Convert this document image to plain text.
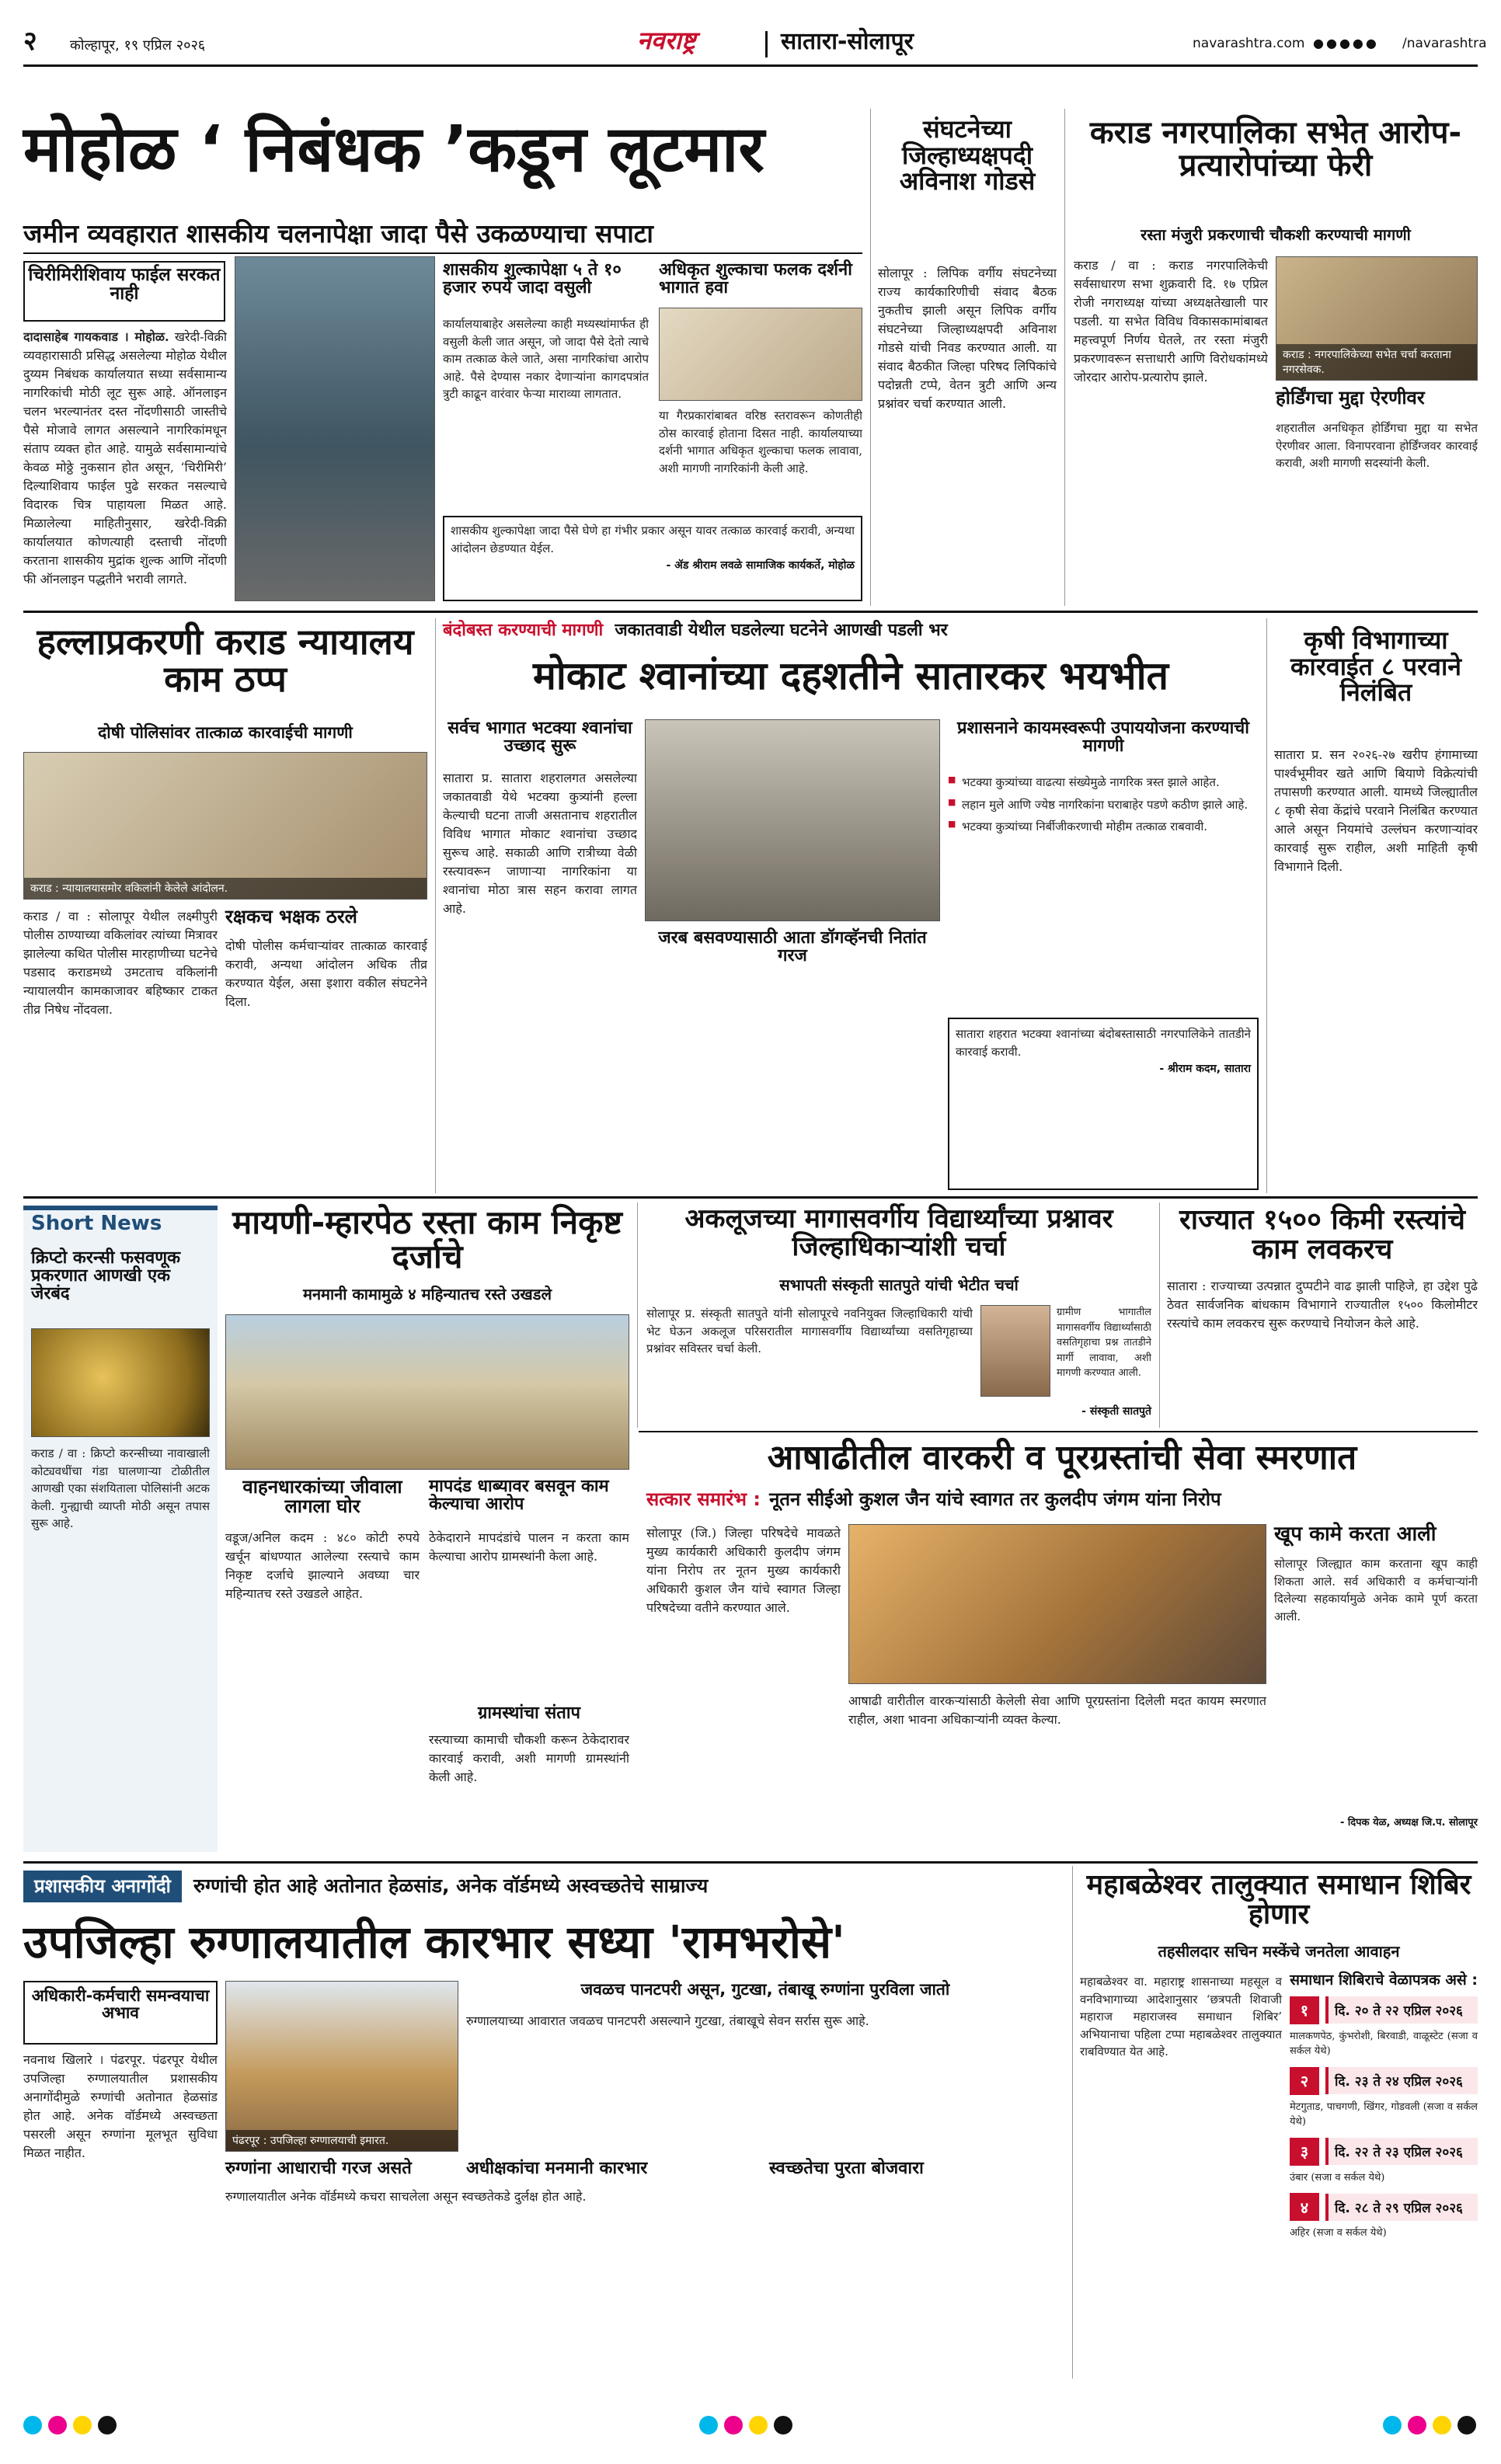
२ कोल्हापूर, १९ एप्रिल २०२६	नवराष्ट्र	सातारा-सोलापूर	navarashtra.com ●●●●● /navarashtra
मोहोळ ‘ निबंधक ’कडून लूटमार
जमीन व्यवहारात शासकीय चलनापेक्षा जादा पैसे उकळण्याचा सपाटा
चिरीमिरीशिवाय फाईल सरकत नाही

दादासाहेब गायकवाड । मोहोळ. खरेदी-विक्री व्यवहारासाठी प्रसिद्ध असलेल्या मोहोळ येथील दुय्यम निबंधक कार्यालयात सध्या सर्वसामान्य नागरिकांची मोठी लूट सुरू आहे. ऑनलाइन चलन भरल्यानंतर दस्त नोंदणीसाठी जास्तीचे पैसे मोजावे लागत असल्याने नागरिकांमधून संताप व्यक्त होत आहे. यामुळे सर्वसामान्यांचे केवळ मोठ्ठे नुकसान होत असून, ‘चिरीमिरी’ दिल्याशिवाय फाईल पुढे सरकत नसल्याचे विदारक चित्र पाहायला मिळत आहे. मिळालेल्या माहितीनुसार, खरेदी-विक्री कार्यालयात कोणत्याही दस्ताची नोंदणी करताना शासकीय मुद्रांक शुल्क आणि नोंदणी फी ऑनलाइन पद्धतीने भरावी लागते.

शासकीय शुल्कापेक्षा ५ ते १० हजार रुपये जादा वसुली
कार्यालयाबाहेर असलेल्या काही मध्यस्थांमार्फत ही वसुली केली जात असून, जो जादा पैसे देतो त्याचे काम तत्काळ केले जाते, असा नागरिकांचा आरोप आहे. पैसे देण्यास नकार देणाऱ्यांना कागदपत्रांत त्रुटी काढून वारंवार फेऱ्या माराव्या लागतात.
अधिकृत शुल्काचा फलक दर्शनी भागात हवा
या गैरप्रकारांबाबत वरिष्ठ स्तरावरून कोणतीही ठोस कारवाई होताना दिसत नाही. कार्यालयाच्या दर्शनी भागात अधिकृत शुल्काचा फलक लावावा, अशी मागणी नागरिकांनी केली आहे.
शासकीय शुल्कापेक्षा जादा पैसे घेणे हा गंभीर प्रकार असून यावर तत्काळ कारवाई करावी, अन्यथा आंदोलन छेडण्यात येईल.
- ॲड श्रीराम लवळे सामाजिक कार्यकर्ते, मोहोळ
संघटनेच्या जिल्हाध्यक्षपदी अविनाश गोडसे
सोलापूर : लिपिक वर्गीय संघटनेच्या राज्य कार्यकारिणीची संवाद बैठक नुकतीच झाली असून लिपिक वर्गीय संघटनेच्या जिल्हाध्यक्षपदी अविनाश गोडसे यांची निवड करण्यात आली. या संवाद बैठकीत जिल्हा परिषद लिपिकांचे पदोन्नती टप्पे, वेतन त्रुटी आणि अन्य प्रश्नांवर चर्चा करण्यात आली.
कराड नगरपालिका सभेत आरोप-प्रत्यारोपांच्या फेरी
रस्ता मंजुरी प्रकरणाची चौकशी करण्याची मागणी
कराड / वा : कराड नगरपालिकेची सर्वसाधारण सभा शुक्रवारी दि. १७ एप्रिल रोजी नगराध्यक्ष यांच्या अध्यक्षतेखाली पार पडली. या सभेत विविध विकासकामांबाबत महत्त्वपूर्ण निर्णय घेतले, तर रस्ता मंजुरी प्रकरणावरून सत्ताधारी आणि विरोधकांमध्ये जोरदार आरोप-प्रत्यारोप झाले.
कराड : नगरपालिकेच्या सभेत चर्चा करताना नगरसेवक.
होर्डिंगचा मुद्दा ऐरणीवर
शहरातील अनधिकृत होर्डिंगचा मुद्दा या सभेत ऐरणीवर आला. विनापरवाना होर्डिंग्जवर कारवाई करावी, अशी मागणी सदस्यांनी केली.
हल्लाप्रकरणी कराड न्यायालय काम ठप्प
दोषी पोलिसांवर तात्काळ कारवाईची मागणी
कराड : न्यायालयासमोर वकिलांनी केलेले आंदोलन.
कराड / वा : सोलापूर येथील लक्ष्मीपुरी पोलीस ठाण्याच्या वकिलांवर त्यांच्या मित्रावर झालेल्या कथित पोलीस मारहाणीच्या घटनेचे पडसाद कराडमध्ये उमटताच वकिलांनी न्यायालयीन कामकाजावर बहिष्कार टाकत तीव्र निषेध नोंदवला.
रक्षकच भक्षक ठरले
दोषी पोलीस कर्मचाऱ्यांवर तात्काळ कारवाई करावी, अन्यथा आंदोलन अधिक तीव्र करण्यात येईल, असा इशारा वकील संघटनेने दिला.
बंदोबस्त करण्याची मागणी जकातवाडी येथील घडलेल्या घटनेने आणखी पडली भर
मोकाट श्वानांच्या दहशतीने सातारकर भयभीत
सर्वच भागात भटक्या श्वानांचा उच्छाद सुरू
सातारा प्र. सातारा शहरालगत असलेल्या जकातवाडी येथे भटक्या कुत्र्यांनी हल्ला केल्याची घटना ताजी असतानाच शहरातील विविध भागात मोकाट श्वानांचा उच्छाद सुरूच आहे. सकाळी आणि रात्रीच्या वेळी रस्त्यावरून जाणाऱ्या नागरिकांना या श्वानांचा मोठा त्रास सहन करावा लागत आहे.
जरब बसवण्यासाठी आता डॉगव्हॅनची नितांत गरज
प्रशासनाने कायमस्वरूपी उपाययोजना करण्याची मागणी
■ भटक्या कुत्र्यांच्या वाढत्या संख्येमुळे नागरिक त्रस्त झाले आहेत.
■ लहान मुले आणि ज्येष्ठ नागरिकांना घराबाहेर पडणे कठीण झाले आहे.
■ भटक्या कुत्र्यांच्या निर्बीजीकरणाची मोहीम तत्काळ राबवावी.
सातारा शहरात भटक्या श्वानांच्या बंदोबस्तासाठी नगरपालिकेने तातडीने कारवाई करावी.
- श्रीराम कदम, सातारा
कृषी विभागाच्या कारवाईत ८ परवाने निलंबित
सातारा प्र. सन २०२६-२७ खरीप हंगामाच्या पार्श्वभूमीवर खते आणि बियाणे विक्रेत्यांची तपासणी करण्यात आली. यामध्ये जिल्ह्यातील ८ कृषी सेवा केंद्रांचे परवाने निलंबित करण्यात आले असून नियमांचे उल्लंघन करणाऱ्यांवर कारवाई सुरू राहील, अशी माहिती कृषी विभागाने दिली.
Short News
क्रिप्टो करन्सी फसवणूक प्रकरणात आणखी एक जेरबंद
कराड / वा : क्रिप्टो करन्सीच्या नावाखाली कोट्यवधींचा गंडा घालणाऱ्या टोळीतील आणखी एका संशयिताला पोलिसांनी अटक केली. गुन्ह्याची व्याप्ती मोठी असून तपास सुरू आहे.
मायणी-म्हारपेठ रस्ता काम निकृष्ट दर्जाचे
मनमानी कामामुळे ४ महिन्यातच रस्ते उखडले
वाहनधारकांच्या जीवाला लागला घोर
वडूज/अनिल कदम : ४८० कोटी रुपये खर्चून बांधण्यात आलेल्या रस्त्याचे काम निकृष्ट दर्जाचे झाल्याने अवघ्या चार महिन्यातच रस्ते उखडले आहेत.
मापदंड धाब्यावर बसवून काम केल्याचा आरोप
ठेकेदाराने मापदंडांचे पालन न करता काम केल्याचा आरोप ग्रामस्थांनी केला आहे.
ग्रामस्थांचा संताप
रस्त्याच्या कामाची चौकशी करून ठेकेदारावर कारवाई करावी, अशी मागणी ग्रामस्थांनी केली आहे.
अकलूजच्या मागासवर्गीय विद्यार्थ्यांच्या प्रश्नावर जिल्हाधिकाऱ्यांशी चर्चा
सभापती संस्कृती सातपुते यांची भेटीत चर्चा
सोलापूर प्र. संस्कृती सातपुते यांनी सोलापूरचे नवनियुक्त जिल्हाधिकारी यांची भेट घेऊन अकलूज परिसरातील मागासवर्गीय विद्यार्थ्यांच्या वसतिगृहाच्या प्रश्नांवर सविस्तर चर्चा केली.
ग्रामीण भागातील मागासवर्गीय विद्यार्थ्यांसाठी वसतिगृहाचा प्रश्न तातडीने मार्गी लावावा, अशी मागणी करण्यात आली.
- संस्कृती सातपुते
राज्यात १५०० किमी रस्त्यांचे काम लवकरच
सातारा : राज्याच्या उत्पन्नात दुप्पटीने वाढ झाली पाहिजे, हा उद्देश पुढे ठेवत सार्वजनिक बांधकाम विभागाने राज्यातील १५०० किलोमीटर रस्त्यांचे काम लवकरच सुरू करण्याचे नियोजन केले आहे.
आषाढीतील वारकरी व पूरग्रस्तांची सेवा स्मरणात
सत्कार समारंभ : नूतन सीईओ कुशल जैन यांचे स्वागत तर कुलदीप जंगम यांना निरोप
सोलापूर (जि.) जिल्हा परिषदेचे मावळते मुख्य कार्यकारी अधिकारी कुलदीप जंगम यांना निरोप तर नूतन मुख्य कार्यकारी अधिकारी कुशल जैन यांचे स्वागत जिल्हा परिषदेच्या वतीने करण्यात आले.
आषाढी वारीतील वारकऱ्यांसाठी केलेली सेवा आणि पूरग्रस्तांना दिलेली मदत कायम स्मरणात राहील, अशा भावना अधिकाऱ्यांनी व्यक्त केल्या.
खूप कामे करता आली
सोलापूर जिल्ह्यात काम करताना खूप काही शिकता आले. सर्व अधिकारी व कर्मचाऱ्यांनी दिलेल्या सहकार्यामुळे अनेक कामे पूर्ण करता आली.
- दिपक येळ, अध्यक्ष जि.प. सोलापूर
प्रशासकीय अनागोंदी रुग्णांची होत आहे अतोनात हेळसांड, अनेक वॉर्डमध्ये अस्वच्छतेचे साम्राज्य
उपजिल्हा रुग्णालयातील कारभार सध्या 'रामभरोसे'
अधिकारी-कर्मचारी समन्वयाचा अभाव
नवनाथ खिलारे । पंढरपूर. पंढरपूर येथील उपजिल्हा रुग्णालयातील प्रशासकीय अनागोंदीमुळे रुग्णांची अतोनात हेळसांड होत आहे. अनेक वॉर्डमध्ये अस्वच्छता पसरली असून रुग्णांना मूलभूत सुविधा मिळत नाहीत.
पंढरपूर : उपजिल्हा रुग्णालयाची इमारत.
जवळच पानटपरी असून, गुटखा, तंबाखू रुग्णांना पुरविला जातो
रुग्णालयाच्या आवारात जवळच पानटपरी असल्याने गुटखा, तंबाखूचे सेवन सर्रास सुरू आहे.
रुग्णांना आधाराची गरज असते	अधीक्षकांचा मनमानी कारभार	स्वच्छतेचा पुरता बोजवारा
रुग्णालयातील अनेक वॉर्डमध्ये कचरा साचलेला असून स्वच्छतेकडे दुर्लक्ष होत आहे.
महाबळेश्वर तालुक्यात समाधान शिबिर होणार
तहसीलदार सचिन मस्केंचे जनतेला आवाहन
महाबळेश्वर वा. महाराष्ट्र शासनाच्या महसूल व वनविभागाच्या आदेशानुसार ‘छत्रपती शिवाजी महाराज महाराजस्व समाधान शिबिर’ अभियानाचा पहिला टप्पा महाबळेश्वर तालुक्यात राबविण्यात येत आहे.
समाधान शिबिराचे वेळापत्रक असे :
१	दि. २० ते २२ एप्रिल २०२६
मालकणपेठ, कुंभरोशी, बिरवाडी, वाळूस्टेट (सजा व सर्कल येथे)
२	दि. २३ ते २४ एप्रिल २०२६
मेटगुताड, पाचगणी, खिंगर, गोडवली (सजा व सर्कल येथे)
३	दि. २२ ते २३ एप्रिल २०२६
उंबार (सजा व सर्कल येथे)
४	दि. २८ ते २९ एप्रिल २०२६
अहिर (सजा व सर्कल येथे)
